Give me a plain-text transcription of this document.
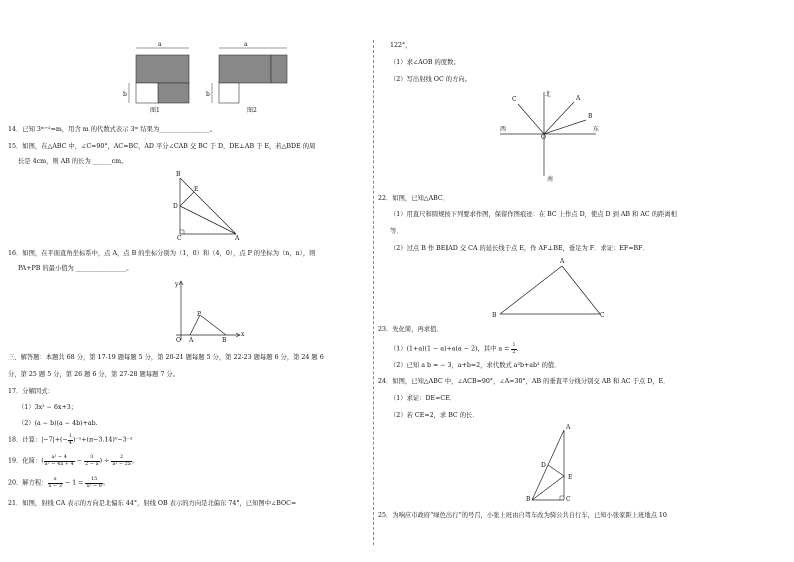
a	a
b	b
图1	图2
14．已知 3ᵐ⁺²=m，用含 m 的代数式表示 3ᵐ 结果为________________。
15．如图，在△ABC 中，∠C=90°，AC=BC，AD 平分∠CAB 交 BC 于 D，DE⊥AB 于 E，若△BDE 的周
长是 4cm，则 AB 的长为 ______cm。
B
E
D
C	A
16．如图，在平面直角坐标系中，点 A，点 B 的坐标分别为（1，0）和（4，0），点 P 的坐标为（n，n），则
PA+PB 的最小值为 ________________。
y
P
O A	B
x
三、解答题：本题共 68 分，第 17-19 题每题 5 分，第 20-21 题每题 5 分，第 22-23 题每题 6 分，第 24 题 6
分，第 25 题 5 分，第 26 题 6 分，第 27-28 题每题 7 分。
17．分解因式：
（1）3x² − 6x+3；
（2）(a − b)(a − 4b)+ab.
18．计算：$|-7|+(- \frac{1}{4} )^{-1}+(\pi-3.14)^0-3^{-2}$
19．化简：( $\frac{\text{a² − 4}}{\text{a² − 4a + 4}} - \frac{3}{2 - a}$ ) ÷ $\frac{2}{\text{a² − 2a}}$ 。
20．解方程： $\frac{x}{x - 3} - 1 = \frac{15}{\text{x² − 9}}$ 。
21．如图，射线 CA 表示的方向是北偏东 44°，射线 OB 表示的方向是北偏东 74°，已知图中∠BOC=
122°，
（1）求∠AOB 的度数；
（2）写出射线 OC 的方向。
北
C	A
B
西	东
O
南
22．如图，已知△ABC．
（1）用直尺和圆规按下列要求作图，保留作图痕迹：在 BC 上作点 D，使点 D 到 AB 和 AC 的距离相
等．
（2）过点 B 作 BE∥AD 交 CA 的延长线于点 E，作 AF⊥BE，垂足为 F．求证：EF=BF．
A
B	C
23．先化简，再求值．
（1）(1+a)(1 − a)+a(a − 2)，其中 $a = \frac{1}{2}$ ．
（2）已知 a b = − 3，a+b=2，求代数式 a³b+ab³ 的值．
24．如图，已知△ABC 中，∠ACB=90°，∠A=30°，AB 的垂直平分线分别交 AB 和 AC 于点 D，E．
（1）求证：DE=CE．
（2）若 CE=2，求 BC 的长．
A
D
E
B	C
25．为响应市政府“绿色出行”的号召，小张上班由自驾车改为骑公共自行车，已知小张家距上班地点 10
